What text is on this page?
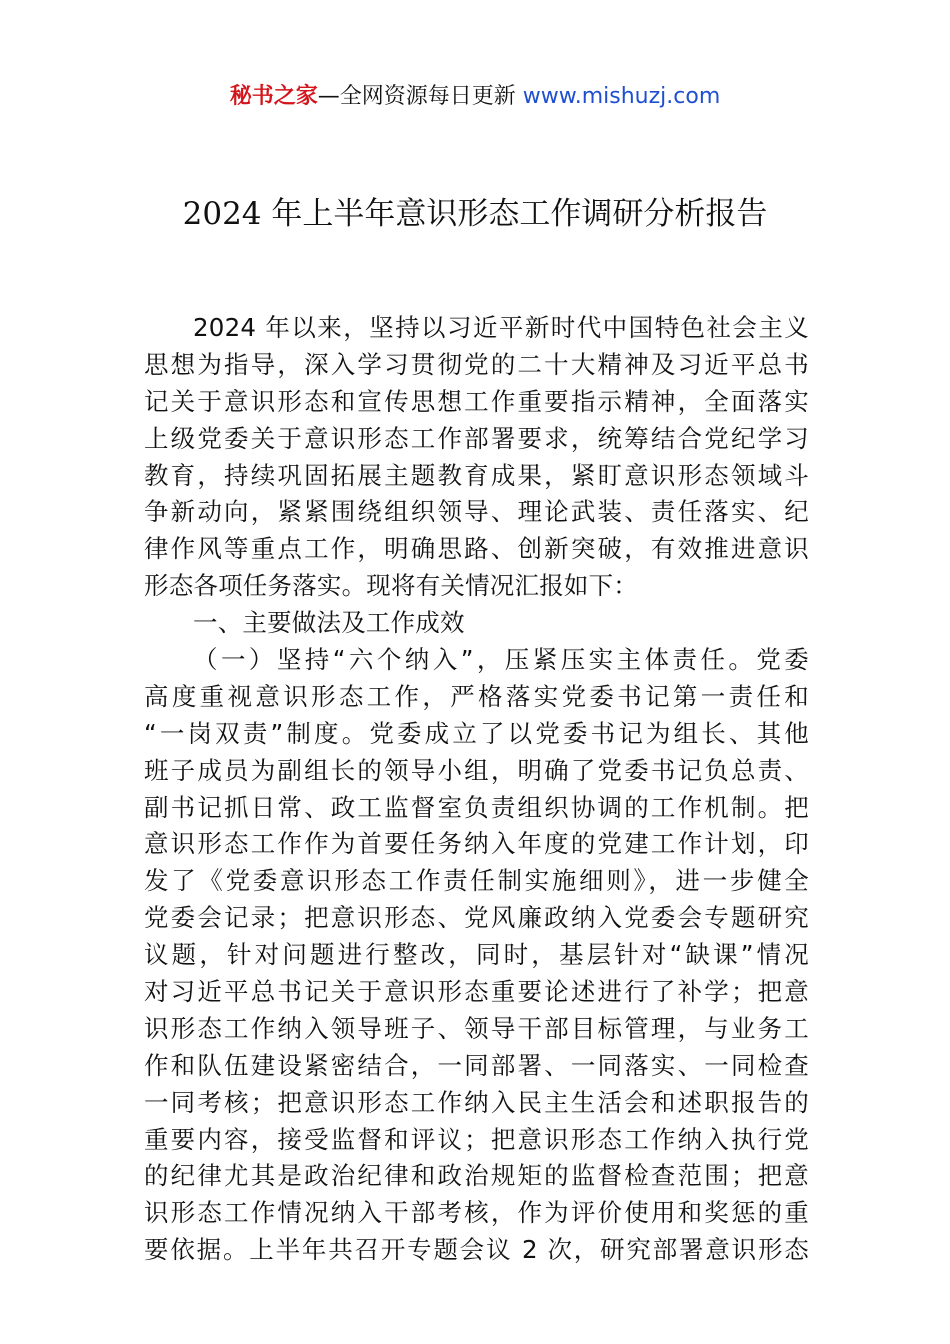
秘书之家—全网资源每日更新 www.mishuzj.com
2024 年上半年意识形态工作调研分析报告
2024 年以来，坚持以习近平新时代中国特色社会主义
思想为指导，深入学习贯彻党的二十大精神及习近平总书
记关于意识形态和宣传思想工作重要指示精神，全面落实
上级党委关于意识形态工作部署要求，统筹结合党纪学习
教育，持续巩固拓展主题教育成果，紧盯意识形态领域斗
争新动向，紧紧围绕组织领导、理论武装、责任落实、纪
律作风等重点工作，明确思路、创新突破，有效推进意识
形态各项任务落实。现将有关情况汇报如下：
一、主要做法及工作成效
（一）坚持“六个纳入”，压紧压实主体责任。党委
高度重视意识形态工作，严格落实党委书记第一责任和
“一岗双责”制度。党委成立了以党委书记为组长、其他
班子成员为副组长的领导小组，明确了党委书记负总责、
副书记抓日常、政工监督室负责组织协调的工作机制。把
意识形态工作作为首要任务纳入年度的党建工作计划，印
发了《党委意识形态工作责任制实施细则》，进一步健全
党委会记录；把意识形态、党风廉政纳入党委会专题研究
议题，针对问题进行整改，同时，基层针对“缺课”情况
对习近平总书记关于意识形态重要论述进行了补学；把意
识形态工作纳入领导班子、领导干部目标管理，与业务工
作和队伍建设紧密结合，一同部署、一同落实、一同检查
一同考核；把意识形态工作纳入民主生活会和述职报告的
重要内容，接受监督和评议；把意识形态工作纳入执行党
的纪律尤其是政治纪律和政治规矩的监督检查范围；把意
识形态工作情况纳入干部考核，作为评价使用和奖惩的重
要依据。上半年共召开专题会议 2 次，研究部署意识形态
